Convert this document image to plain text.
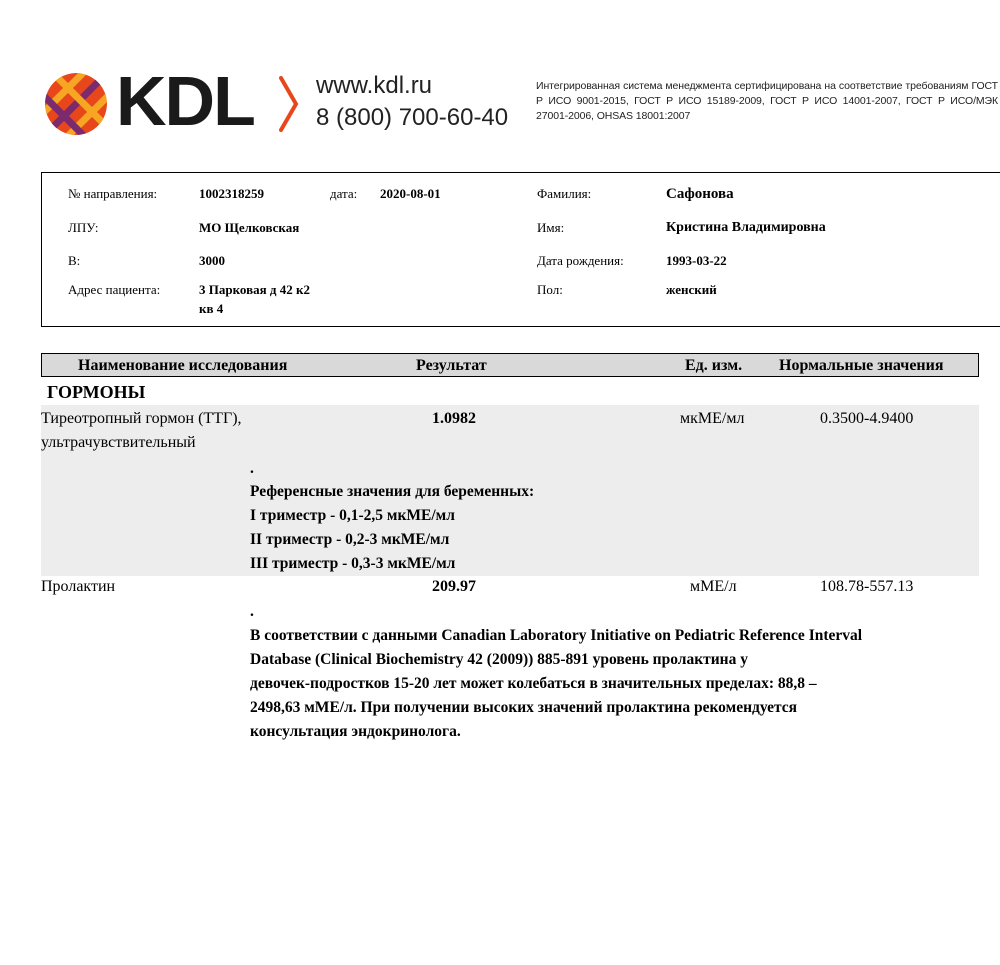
KDL	www.kdl.ru
8 (800) 700-60-40
Интегрированная система менеджмента сертифицирована на соответствие требованиям ГОСТ Р ИСО 9001-2015, ГОСТ Р ИСО 15189-2009, ГОСТ Р ИСО 14001-2007, ГОСТ Р ИСО/МЭК 27001-2006, OHSAS 18001:2007
№ направления:	1002318259	дата: 2020-08-01
ЛПУ:	МО Щелковская
В:	3000
Адрес пациента:	3 Парковая д 42 к2
кв 4
Фамилия:	Сафонова
Имя:	Кристина Владимировна
Дата рождения:	1993-03-22
Пол:	женский
Наименование исследования	Результат	Ед. изм. Нормальные значения
ГОРМОНЫ
Тиреотропный гормон (ТТГ),
ультрачувствительный
1.0982	мкМЕ/мл	0.3500-4.9400
.
Референсные значения для беременных:
I триместр - 0,1-2,5 мкМЕ/мл
II триместр - 0,2-3 мкМЕ/мл
III триместр - 0,3-3 мкМЕ/мл
Пролактин	209.97	мМЕ/л	108.78-557.13
.
В соответствии с данными Canadian Laboratory Initiative on Pediatric Reference Interval
Database (Clinical Biochemistry 42 (2009)) 885-891 уровень пролактина у
девочек-подростков 15-20 лет может колебаться в значительных пределах: 88,8 –
2498,63 мМЕ/л. При получении высоких значений пролактина рекомендуется
консультация эндокринолога.
